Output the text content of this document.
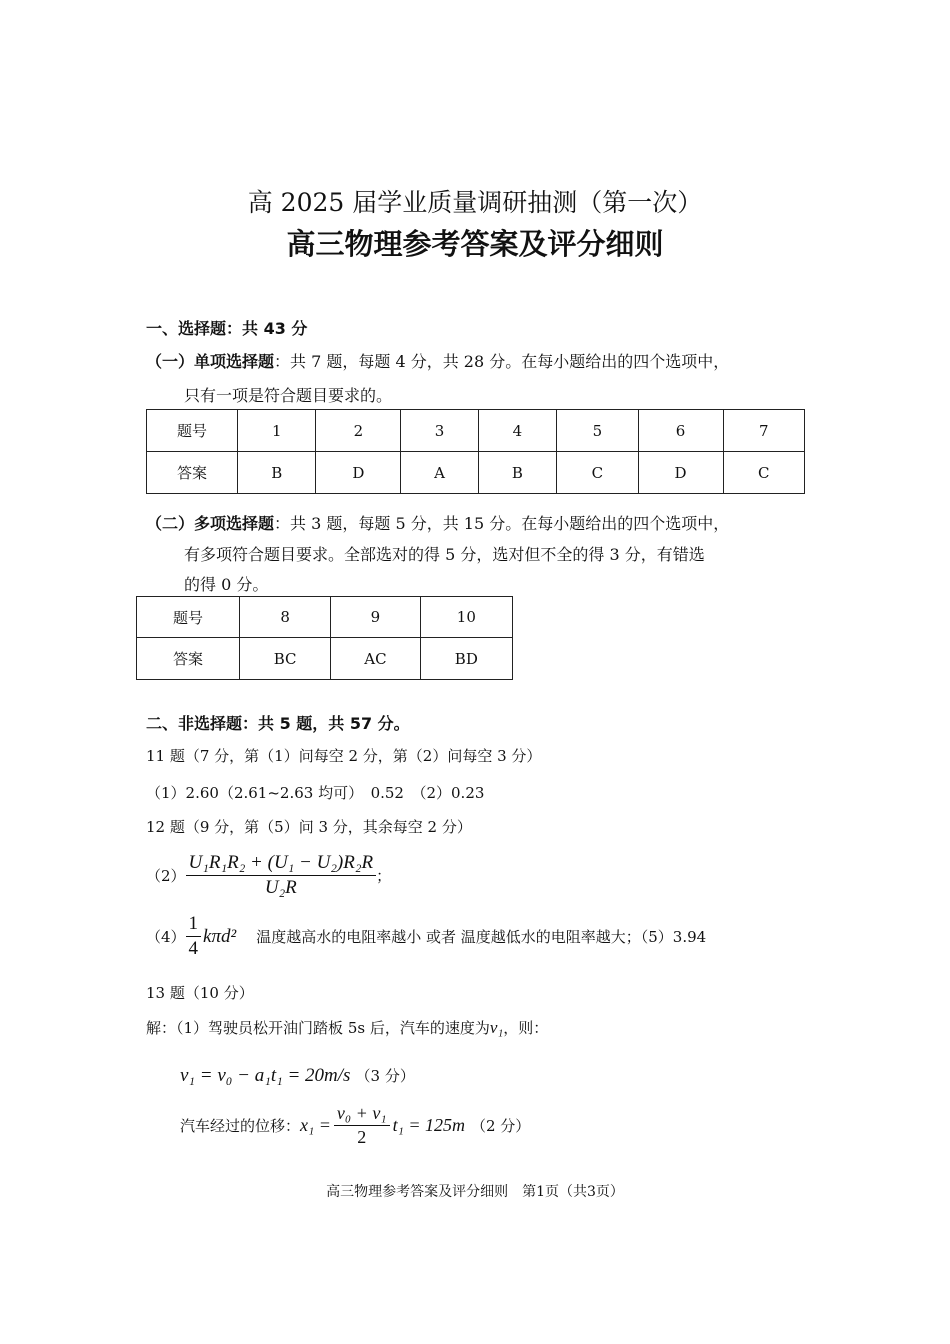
高 2025 届学业质量调研抽测（第一次）
高三物理参考答案及评分细则
一、选择题：共 43 分
（一）单项选择题：共 7 题，每题 4 分，共 28 分。在每小题给出的四个选项中，
只有一项是符合题目要求的。
题号	1	2	3	4	5	6	7
答案	B	D	A	B	C	D	C
（二）多项选择题：共 3 题，每题 5 分，共 15 分。在每小题给出的四个选项中，
有多项符合题目要求。全部选对的得 5 分，选对但不全的得 3 分，有错选
的得 0 分。
题号	8	9	10
答案	BC	AC	BD
二、非选择题：共 5 题，共 57 分。
11 题（7 分，第（1）问每空 2 分，第（2）问每空 3 分）
（1）2.60（2.61~2.63 均可）　0.52　（2）0.23
12 题（9 分，第（5）问 3 分，其余每空 2 分）
$(2) \frac{\text{U₁R₁R₂ + (U₁ − U₂)R₂R}}{\text{U₂R}}$ ；
$(4) \frac{1}{4} k\pi d^2$ 温度越高水的电阻率越小 或者 温度越低水的电阻率越大；（5）3.94
13 题（10 分）
解：（1）驾驶员松开油门踏板 5s 后，汽车的速度为v₁，则：
v₁ = v₀ − a₁t₁ = 20m/s （3 分）
汽车经过的位移： $x_1 = \frac{\text{v₀ + v₁}}{2} t_1 = 125m$ （2 分）
高三物理参考答案及评分细则　第1页（共3页）
